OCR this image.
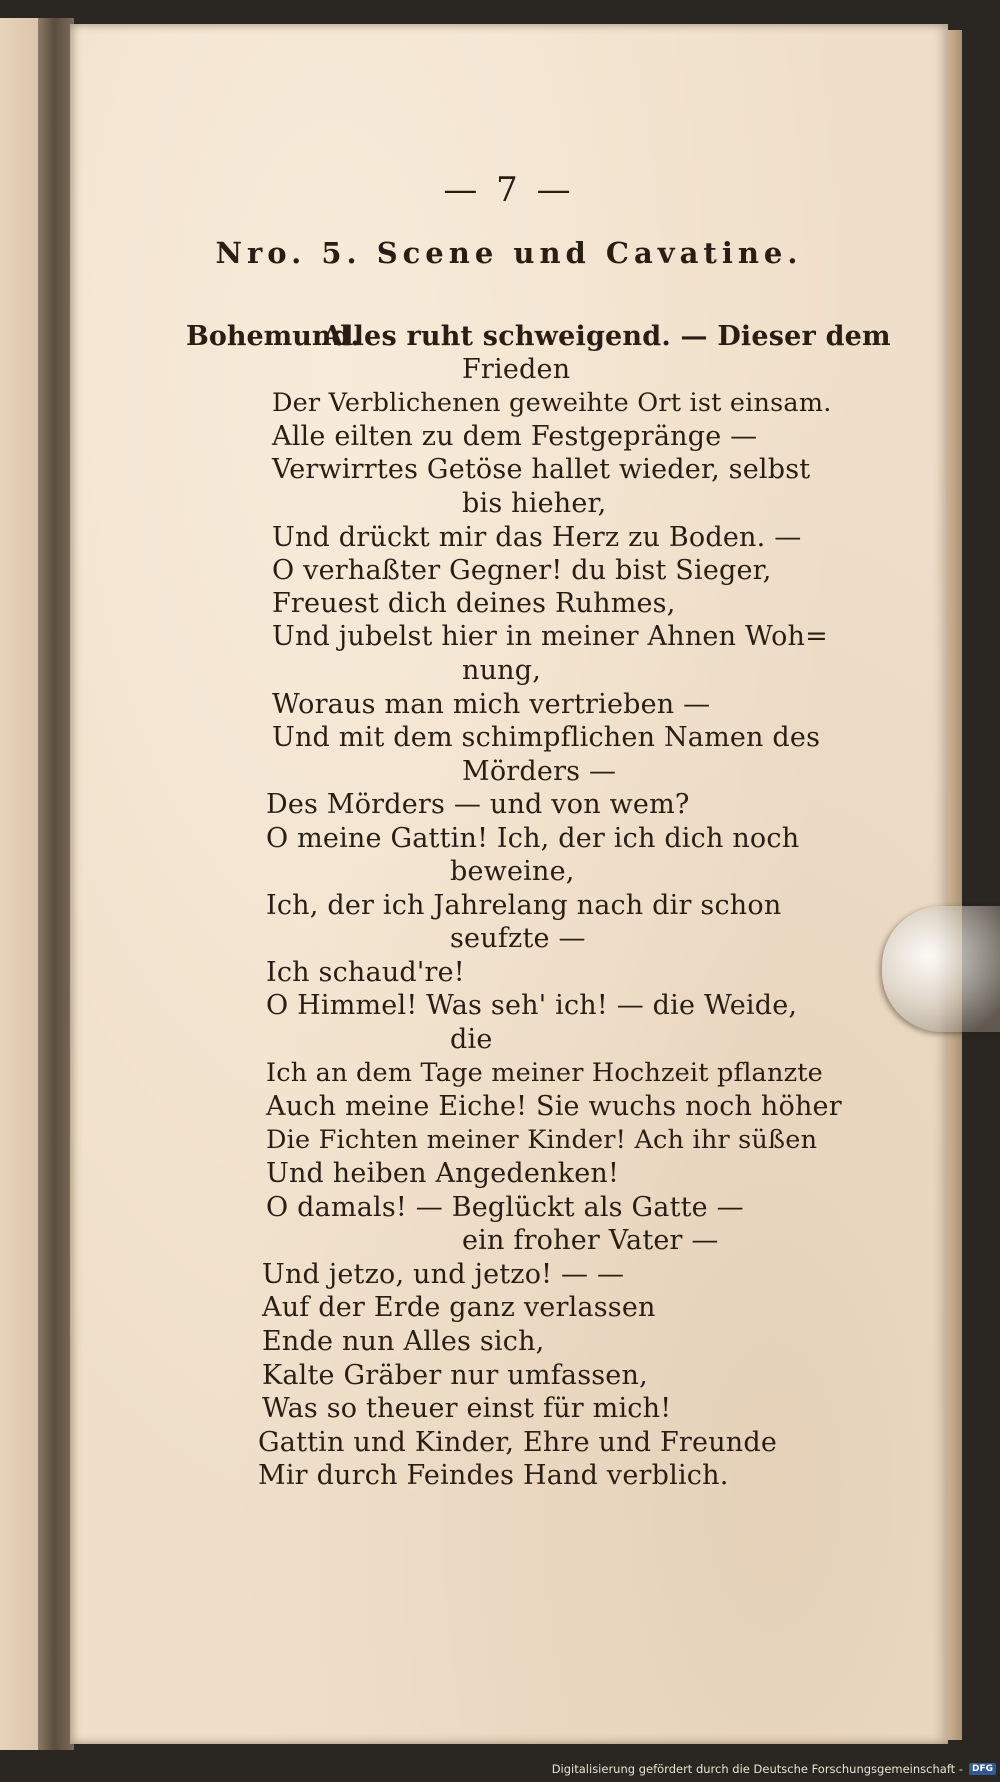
— 7 —
Nro. 5. Scene und Cavatine.
Bohemund.
Alles ruht schweigend. — Dieser dem
Frieden
Der Verblichenen geweihte Ort ist einsam.
Alle eilten zu dem Festgepränge —
Verwirrtes Getöse hallet wieder, selbst
bis hieher,
Und drückt mir das Herz zu Boden. —
O verhaßter Gegner! du bist Sieger,
Freuest dich deines Ruhmes,
Und jubelst hier in meiner Ahnen Woh=
nung,
Woraus man mich vertrieben —
Und mit dem schimpflichen Namen des
Mörders —
Des Mörders — und von wem?
O meine Gattin! Ich, der ich dich noch
beweine,
Ich, der ich Jahrelang nach dir schon
seufzte —
Ich schaud're!
O Himmel! Was seh' ich! — die Weide,
die
Ich an dem Tage meiner Hochzeit pflanzte
Auch meine Eiche! Sie wuchs noch höher
Die Fichten meiner Kinder! Ach ihr süßen
Und heiben Angedenken!
O damals! — Beglückt als Gatte —
ein froher Vater —
Und jetzo, und jetzo! — —
Auf der Erde ganz verlassen
Ende nun Alles sich,
Kalte Gräber nur umfassen,
Was so theuer einst für mich!
Gattin und Kinder, Ehre und Freunde
Mir durch Feindes Hand verblich.
Digitalisierung gefördert durch die Deutsche Forschungsgemeinschaft -	DFG
